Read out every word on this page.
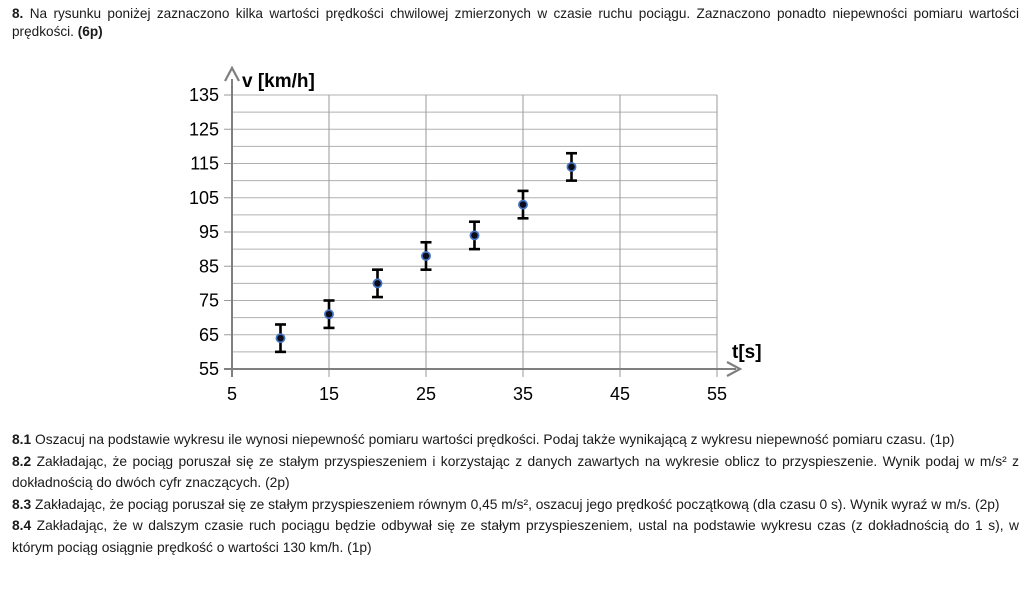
8. Na rysunku poniżej zaznaczono kilka wartości prędkości chwilowej zmierzonych w czasie ruchu pociągu. Zaznaczono ponadto niepewności pomiaru wartości prędkości. (6p)

55
65
75
85
95
105
115
125
135
5	15	25	35	45	55
v [km/h]
t[s]

8.1 Oszacuj na podstawie wykresu ile wynosi niepewność pomiaru wartości prędkości. Podaj także wynikającą z wykresu niepewność pomiaru czasu. (1p)

8.2 Zakładając, że pociąg poruszał się ze stałym przyspieszeniem i korzystając z danych zawartych na wykresie oblicz to przyspieszenie. Wynik podaj w m/s² z dokładnością do dwóch cyfr znaczących. (2p)

8.3 Zakładając, że pociąg poruszał się ze stałym przyspieszeniem równym 0,45 m/s², oszacuj jego prędkość początkową (dla czasu 0 s). Wynik wyraź w m/s. (2p)

8.4 Zakładając, że w dalszym czasie ruch pociągu będzie odbywał się ze stałym przyspieszeniem, ustal na podstawie wykresu czas (z dokładnością do 1 s), w którym pociąg osiągnie prędkość o wartości 130 km/h. (1p)
